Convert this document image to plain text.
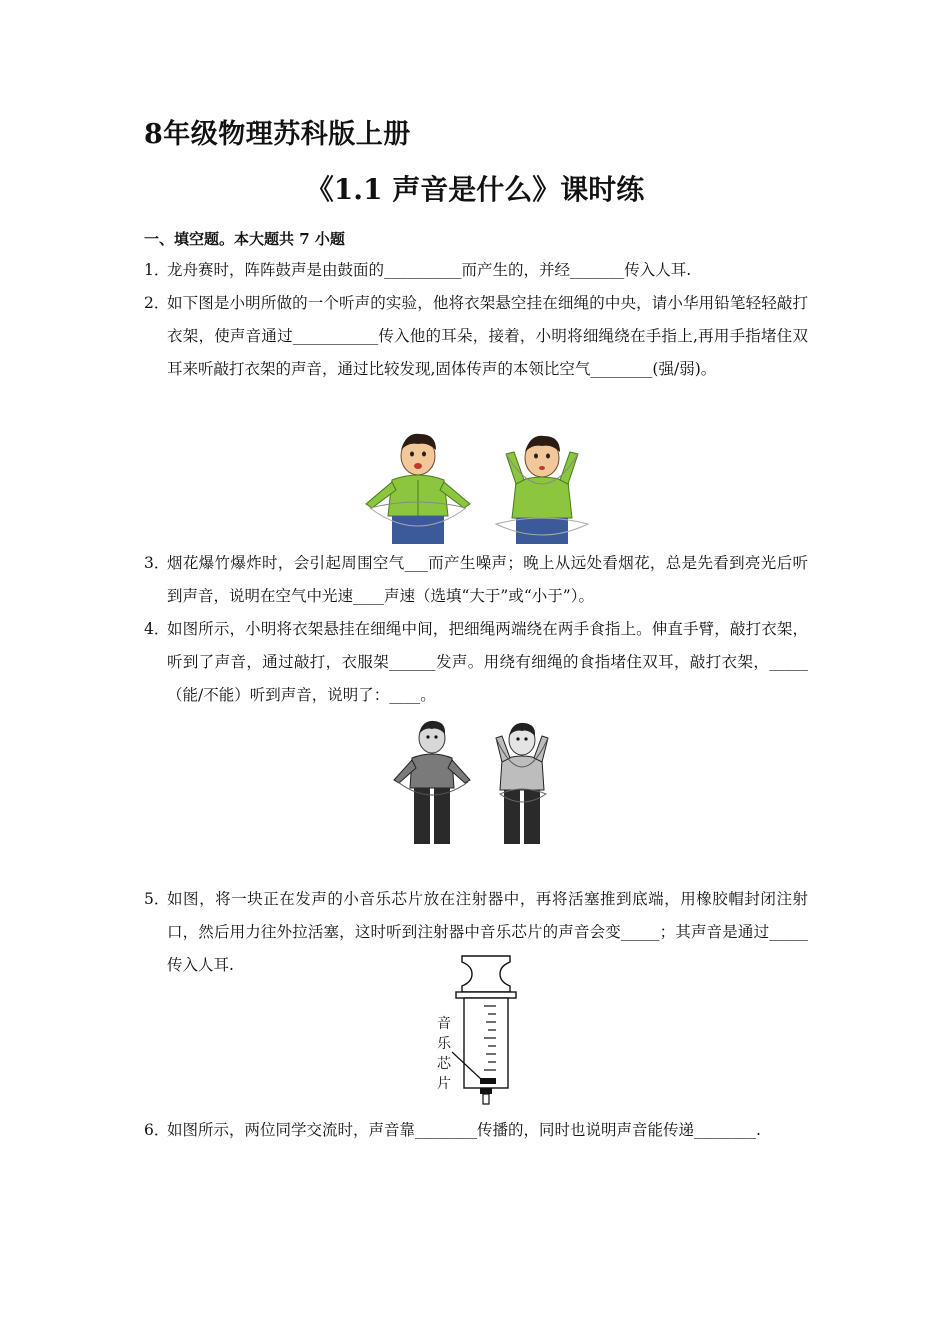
8年级物理苏科版上册
《1.1 声音是什么》课时练
一、填空题。本大题共 7 小题
1．
龙舟赛时，阵阵鼓声是由鼓面的__________而产生的，并经_______传入人耳.
2．
如下图是小明所做的一个听声的实验，他将衣架悬空挂在细绳的中央，请小华用铅笔轻轻敲打衣架，使声音通过___________传入他的耳朵，接着，小明将细绳绕在手指上,再用手指堵住双耳来听敲打衣架的声音，通过比较发现,固体传声的本领比空气________(强/弱)。
3．
烟花爆竹爆炸时，会引起周围空气___而产生噪声；晚上从远处看烟花，总是先看到亮光后听到声音，说明在空气中光速____声速（选填“大于”或“小于”）。
4．
如图所示，小明将衣架悬挂在细绳中间，把细绳两端绕在两手食指上。伸直手臂，敲打衣架，听到了声音，通过敲打，衣服架______发声。用绕有细绳的食指堵住双耳，敲打衣架，_____（能/不能）听到声音，说明了：____。
5．
如图，将一块正在发声的小音乐芯片放在注射器中，再将活塞推到底端，用橡胶帽封闭注射口，然后用力往外拉活塞，这时听到注射器中音乐芯片的声音会变_____；其声音是通过_____传入人耳.
音
乐
芯
片
6．
如图所示，两位同学交流时，声音靠________传播的，同时也说明声音能传递________.
